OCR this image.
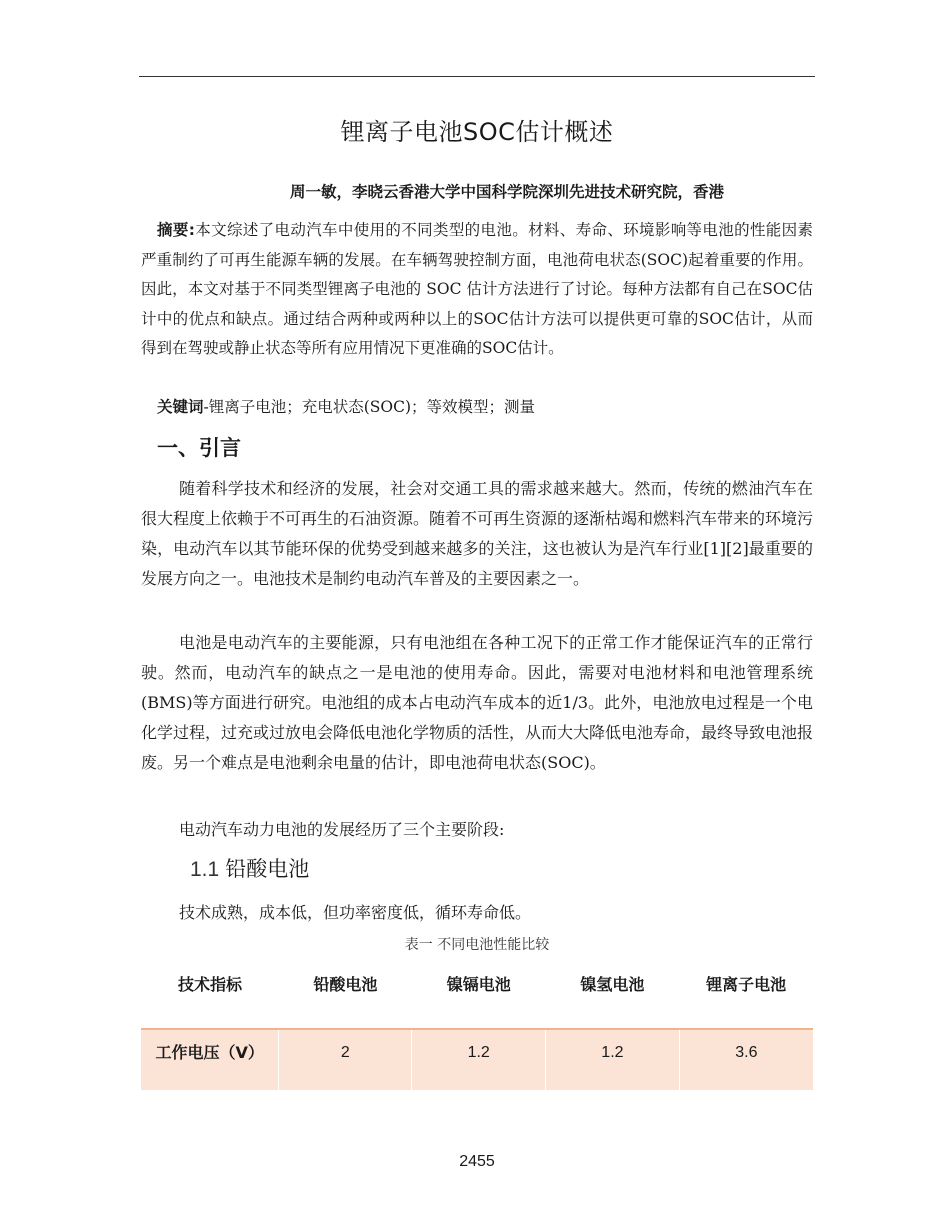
锂离子电池SOC估计概述
周一敏，李晓云香港大学中国科学院深圳先进技术研究院，香港
摘要:本文综述了电动汽车中使用的不同类型的电池。材料、寿命、环境影响等电池的性能因素严重制约了可再生能源车辆的发展。在车辆驾驶控制方面，电池荷电状态(SOC)起着重要的作用。因此，本文对基于不同类型锂离子电池的 SOC 估计方法进行了讨论。每种方法都有自己在SOC估计中的优点和缺点。通过结合两种或两种以上的SOC估计方法可以提供更可靠的SOC估计，从而得到在驾驶或静止状态等所有应用情况下更准确的SOC估计。
关键词-锂离子电池；充电状态(SOC)；等效模型；测量
一、引言
随着科学技术和经济的发展，社会对交通工具的需求越来越大。然而，传统的燃油汽车在很大程度上依赖于不可再生的石油资源。随着不可再生资源的逐渐枯竭和燃料汽车带来的环境污染，电动汽车以其节能环保的优势受到越来越多的关注，这也被认为是汽车行业[1][2]最重要的发展方向之一。电池技术是制约电动汽车普及的主要因素之一。
电池是电动汽车的主要能源，只有电池组在各种工况下的正常工作才能保证汽车的正常行驶。然而，电动汽车的缺点之一是电池的使用寿命。因此，需要对电池材料和电池管理系统(BMS)等方面进行研究。电池组的成本占电动汽车成本的近1/3。此外，电池放电过程是一个电化学过程，过充或过放电会降低电池化学物质的活性，从而大大降低电池寿命，最终导致电池报废。另一个难点是电池剩余电量的估计，即电池荷电状态(SOC)。
电动汽车动力电池的发展经历了三个主要阶段:
1.1 铅酸电池
技术成熟，成本低，但功率密度低，循环寿命低。
表一 不同电池性能比较
技术指标	铅酸电池	镍镉电池	镍氢电池	锂离子电池
工作电压（V）	2	1.2	1.2	3.6
2455
